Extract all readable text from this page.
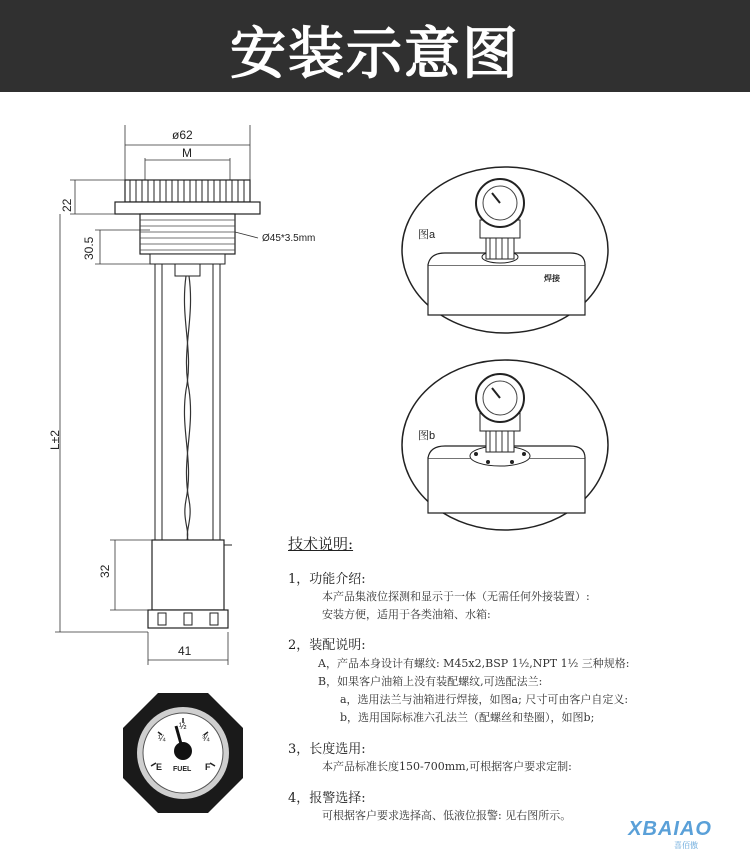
安装示意图
ø62
M
22
30.5	Ø45*3.5mm
L±2
32
41
¼
½
¾
E	F
FUEL
图a
焊接
图b
技术说明:
1，功能介绍:
本产品集液位探测和显示于一体（无需任何外接装置）:
安装方便，适用于各类油箱、水箱:
2，装配说明:
A，产品本身设计有螺纹: M45x2,BSP 1½,NPT 1½ 三种规格:
B，如果客户油箱上没有装配螺纹,可选配法兰:
a，选用法兰与油箱进行焊接，如图a; 尺寸可由客户自定义:
b，选用国际标准六孔法兰（配螺丝和垫圈），如图b;
3，长度选用:
本产品标准长度150-700mm,可根据客户要求定制:
4，报警选择:
可根据客户要求选择高、低液位报警: 见右图所示。
XBAIAO
喜佰傲
